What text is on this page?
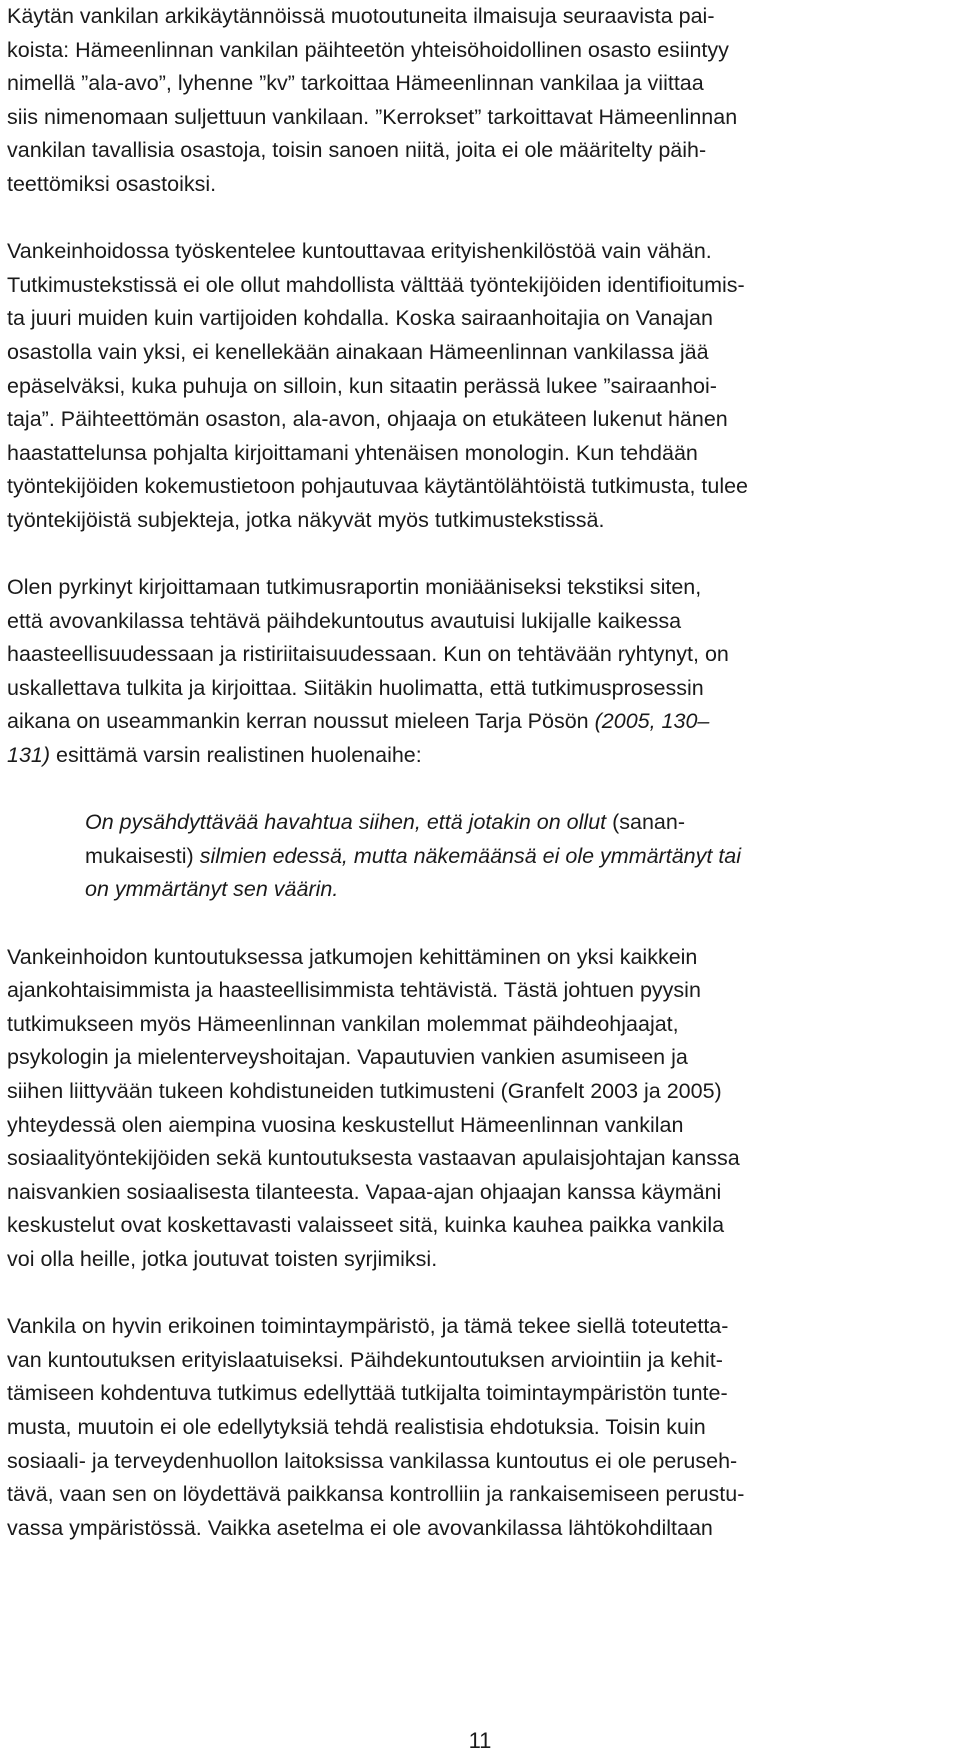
Käytän vankilan arkikäytännöissä muotoutuneita ilmaisuja seuraavista pai-
koista: Hämeenlinnan vankilan päihteetön yhteisöhoidollinen osasto esiintyy
nimellä ”ala-avo”, lyhenne ”kv” tarkoittaa Hämeenlinnan vankilaa ja viittaa
siis nimenomaan suljettuun vankilaan. ”Kerrokset” tarkoittavat Hämeenlinnan
vankilan tavallisia osastoja, toisin sanoen niitä, joita ei ole määritelty päih-
teettömiksi osastoiksi.

Vankeinhoidossa työskentelee kuntouttavaa erityishenkilöstöä vain vähän.
Tutkimustekstissä ei ole ollut mahdollista välttää työntekijöiden identifioitumis-
ta juuri muiden kuin vartijoiden kohdalla. Koska sairaanhoitajia on Vanajan
osastolla vain yksi, ei kenellekään ainakaan Hämeenlinnan vankilassa jää
epäselväksi, kuka puhuja on silloin, kun sitaatin perässä lukee ”sairaanhoi-
taja”. Päihteettömän osaston, ala-avon, ohjaaja on etukäteen lukenut hänen
haastattelunsa pohjalta kirjoittamani yhtenäisen monologin. Kun tehdään
työntekijöiden kokemustietoon pohjautuvaa käytäntölähtöistä tutkimusta, tulee
työntekijöistä subjekteja, jotka näkyvät myös tutkimustekstissä.

Olen pyrkinyt kirjoittamaan tutkimusraportin moniääniseksi tekstiksi siten,
että avovankilassa tehtävä päihdekuntoutus avautuisi lukijalle kaikessa
haasteellisuudessaan ja ristiriitaisuudessaan. Kun on tehtävään ryhtynyt, on
uskallettava tulkita ja kirjoittaa. Siitäkin huolimatta, että tutkimusprosessin
aikana on useammankin kerran noussut mieleen Tarja Pösön (2005, 130–
131) esittämä varsin realistinen huolenaihe:

On pysähdyttävää havahtua siihen, että jotakin on ollut (sanan-
mukaisesti) silmien edessä, mutta näkemäänsä ei ole ymmärtänyt tai
on ymmärtänyt sen väärin.

Vankeinhoidon kuntoutuksessa jatkumojen kehittäminen on yksi kaikkein
ajankohtaisimmista ja haasteellisimmista tehtävistä. Tästä johtuen pyysin
tutkimukseen myös Hämeenlinnan vankilan molemmat päihdeohjaajat,
psykologin ja mielenterveyshoitajan. Vapautuvien vankien asumiseen ja
siihen liittyvään tukeen kohdistuneiden tutkimusteni (Granfelt 2003 ja 2005)
yhteydessä olen aiempina vuosina keskustellut Hämeenlinnan vankilan
sosiaalityöntekijöiden sekä kuntoutuksesta vastaavan apulaisjohtajan kanssa
naisvankien sosiaalisesta tilanteesta. Vapaa-ajan ohjaajan kanssa käymäni
keskustelut ovat koskettavasti valaisseet sitä, kuinka kauhea paikka vankila
voi olla heille, jotka joutuvat toisten syrjimiksi.

Vankila on hyvin erikoinen toimintaympäristö, ja tämä tekee siellä toteutetta-
van kuntoutuksen erityislaatuiseksi. Päihdekuntoutuksen arviointiin ja kehit-
tämiseen kohdentuva tutkimus edellyttää tutkijalta toimintaympäristön tunte-
musta, muutoin ei ole edellytyksiä tehdä realistisia ehdotuksia. Toisin kuin
sosiaali- ja terveydenhuollon laitoksissa vankilassa kuntoutus ei ole peruseh-
tävä, vaan sen on löydettävä paikkansa kontrolliin ja rankaisemiseen perustu-
vassa ympäristössä. Vaikka asetelma ei ole avovankilassa lähtökohdiltaan

11
